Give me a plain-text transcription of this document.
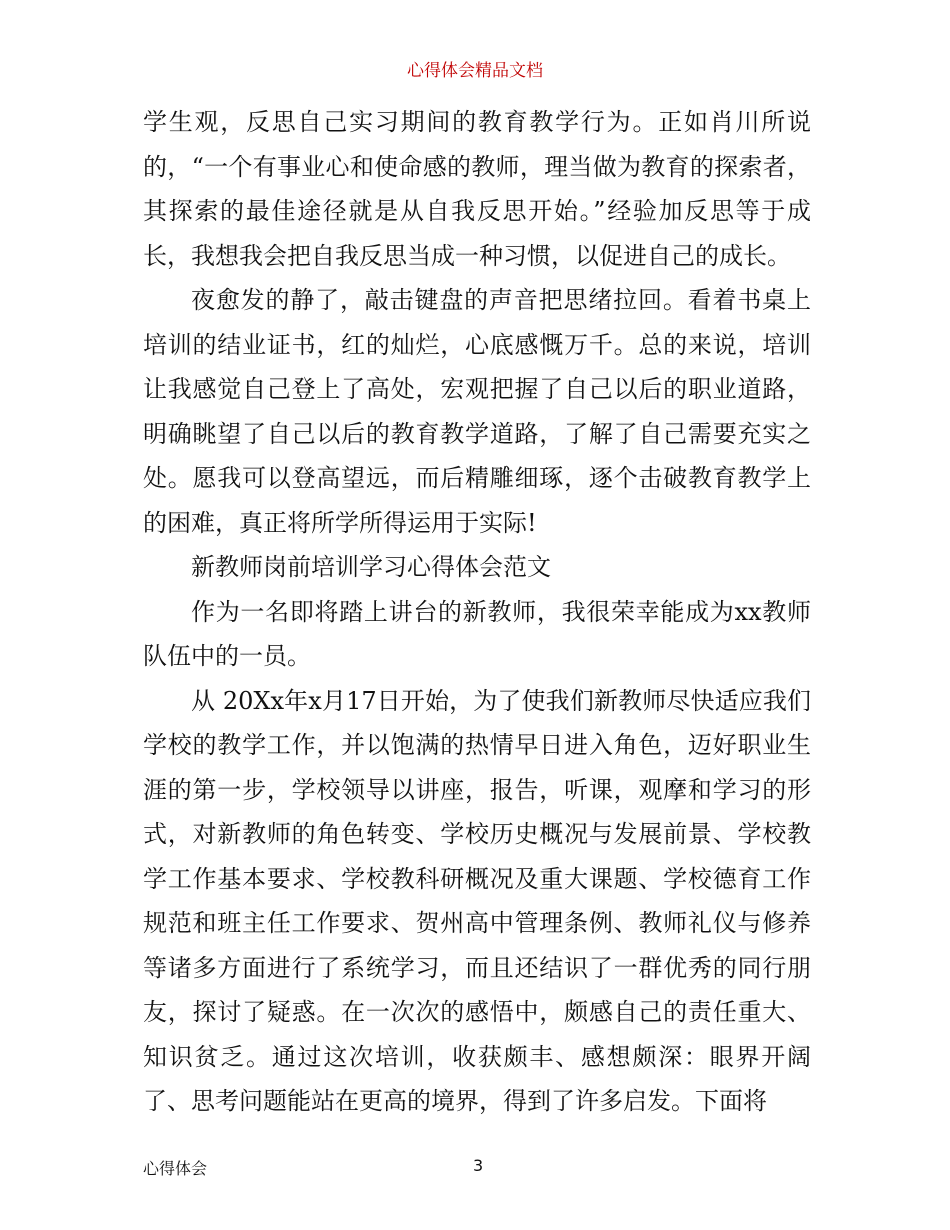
心得体会精品文档

学生观，反思自己实习期间的教育教学行为。正如肖川所说的，“一个有事业心和使命感的教师，理当做为教育的探索者，其探索的最佳途径就是从自我反思开始。”经验加反思等于成长，我想我会把自我反思当成一种习惯，以促进自己的成长。

夜愈发的静了，敲击键盘的声音把思绪拉回。看着书桌上培训的结业证书，红的灿烂，心底感慨万千。总的来说，培训让我感觉自己登上了高处，宏观把握了自己以后的职业道路，明确眺望了自己以后的教育教学道路，了解了自己需要充实之处。愿我可以登高望远，而后精雕细琢，逐个击破教育教学上的困难，真正将所学所得运用于实际!

新教师岗前培训学习心得体会范文

作为一名即将踏上讲台的新教师，我很荣幸能成为xx教师队伍中的一员。

从 20Xx年x月17日开始，为了使我们新教师尽快适应我们学校的教学工作，并以饱满的热情早日进入角色，迈好职业生涯的第一步，学校领导以讲座，报告，听课，观摩和学习的形式，对新教师的角色转变、学校历史概况与发展前景、学校教学工作基本要求、学校教科研概况及重大课题、学校德育工作规范和班主任工作要求、贺州高中管理条例、教师礼仪与修养等诸多方面进行了系统学习，而且还结识了一群优秀的同行朋友，探讨了疑惑。在一次次的感悟中，颇感自己的责任重大、知识贫乏。通过这次培训，收获颇丰、感想颇深：眼界开阔了、思考问题能站在更高的境界，得到了许多启发。下面将

心得体会	3
